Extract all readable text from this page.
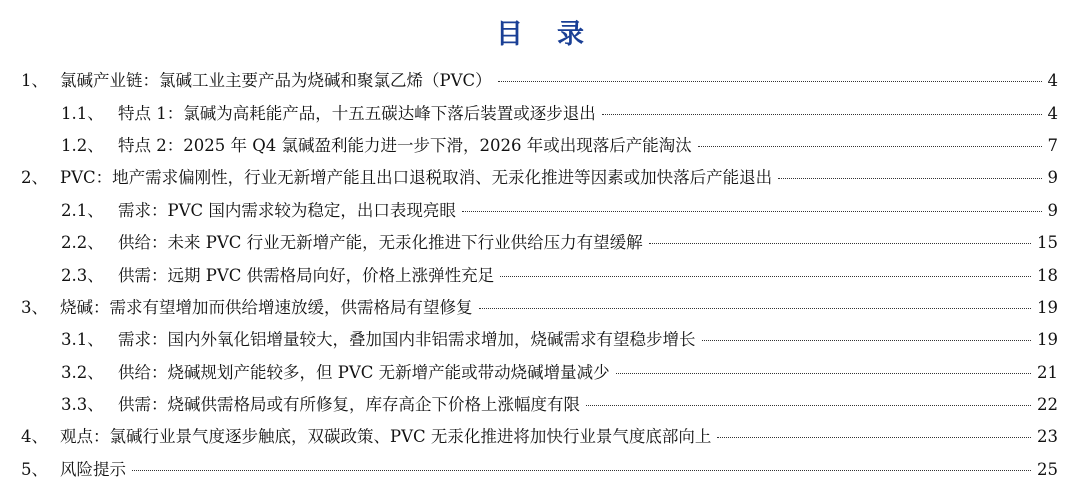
目 录
1、 氯碱产业链：氯碱工业主要产品为烧碱和聚氯乙烯（PVC）	4
1.1、 特点 1：氯碱为高耗能产品，十五五碳达峰下落后装置或逐步退出	4
1.2、 特点 2：2025 年 Q4 氯碱盈利能力进一步下滑，2026 年或出现落后产能淘汰	7
2、 PVC：地产需求偏刚性，行业无新增产能且出口退税取消、无汞化推进等因素或加快落后产能退出	9
2.1、 需求：PVC 国内需求较为稳定，出口表现亮眼	9
2.2、 供给：未来 PVC 行业无新增产能，无汞化推进下行业供给压力有望缓解	15
2.3、 供需：远期 PVC 供需格局向好，价格上涨弹性充足	18
3、 烧碱：需求有望增加而供给增速放缓，供需格局有望修复	19
3.1、 需求：国内外氧化铝增量较大，叠加国内非铝需求增加，烧碱需求有望稳步增长	19
3.2、 供给：烧碱规划产能较多，但 PVC 无新增产能或带动烧碱增量减少	21
3.3、 供需：烧碱供需格局或有所修复，库存高企下价格上涨幅度有限	22
4、 观点：氯碱行业景气度逐步触底，双碳政策、PVC 无汞化推进将加快行业景气度底部向上	23
5、 风险提示	25
